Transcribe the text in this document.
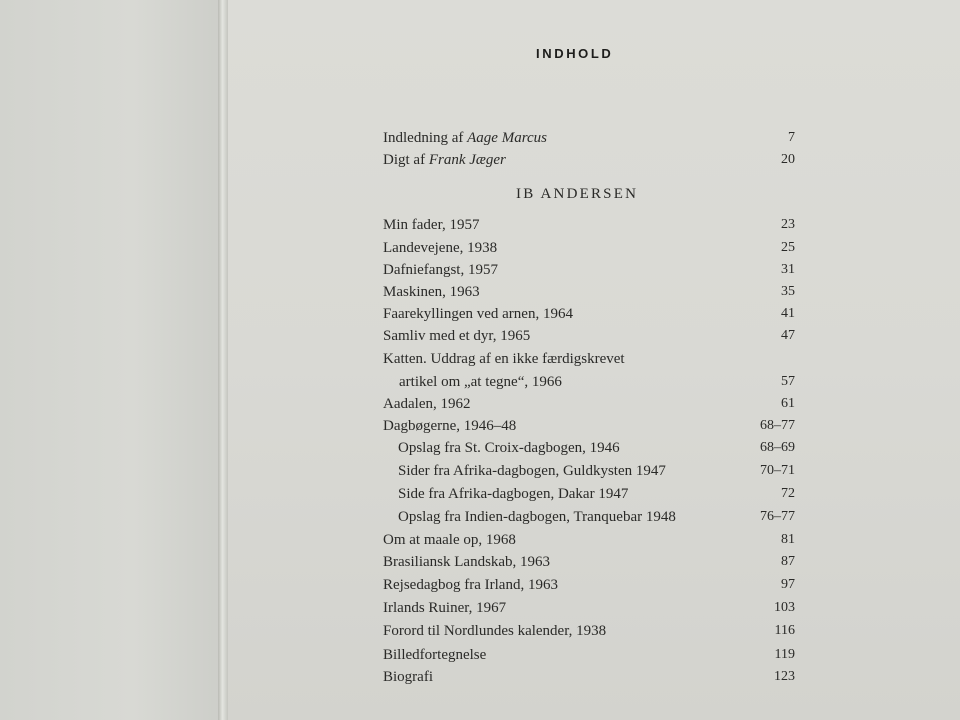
INDHOLD
Indledning af Aage Marcus	7
Digt af Frank Jæger	20
IB ANDERSEN
Min fader, 1957	23
Landevejene, 1938	25
Dafniefangst, 1957	31
Maskinen, 1963	35
Faarekyllingen ved arnen, 1964	41
Samliv med et dyr, 1965	47
Katten. Uddrag af en ikke færdigskrevet
artikel om „at tegne“, 1966	57
Aadalen, 1962	61
Dagbøgerne, 1946–48	68–77
Opslag fra St. Croix-dagbogen, 1946	68–69
Sider fra Afrika-dagbogen, Guldkysten 1947	70–71
Side fra Afrika-dagbogen, Dakar 1947	72
Opslag fra Indien-dagbogen, Tranquebar 1948	76–77
Om at maale op, 1968	81
Brasiliansk Landskab, 1963	87
Rejsedagbog fra Irland, 1963	97
Irlands Ruiner, 1967	103
Forord til Nordlundes kalender, 1938	116
Billedfortegnelse	119
Biografi	123
